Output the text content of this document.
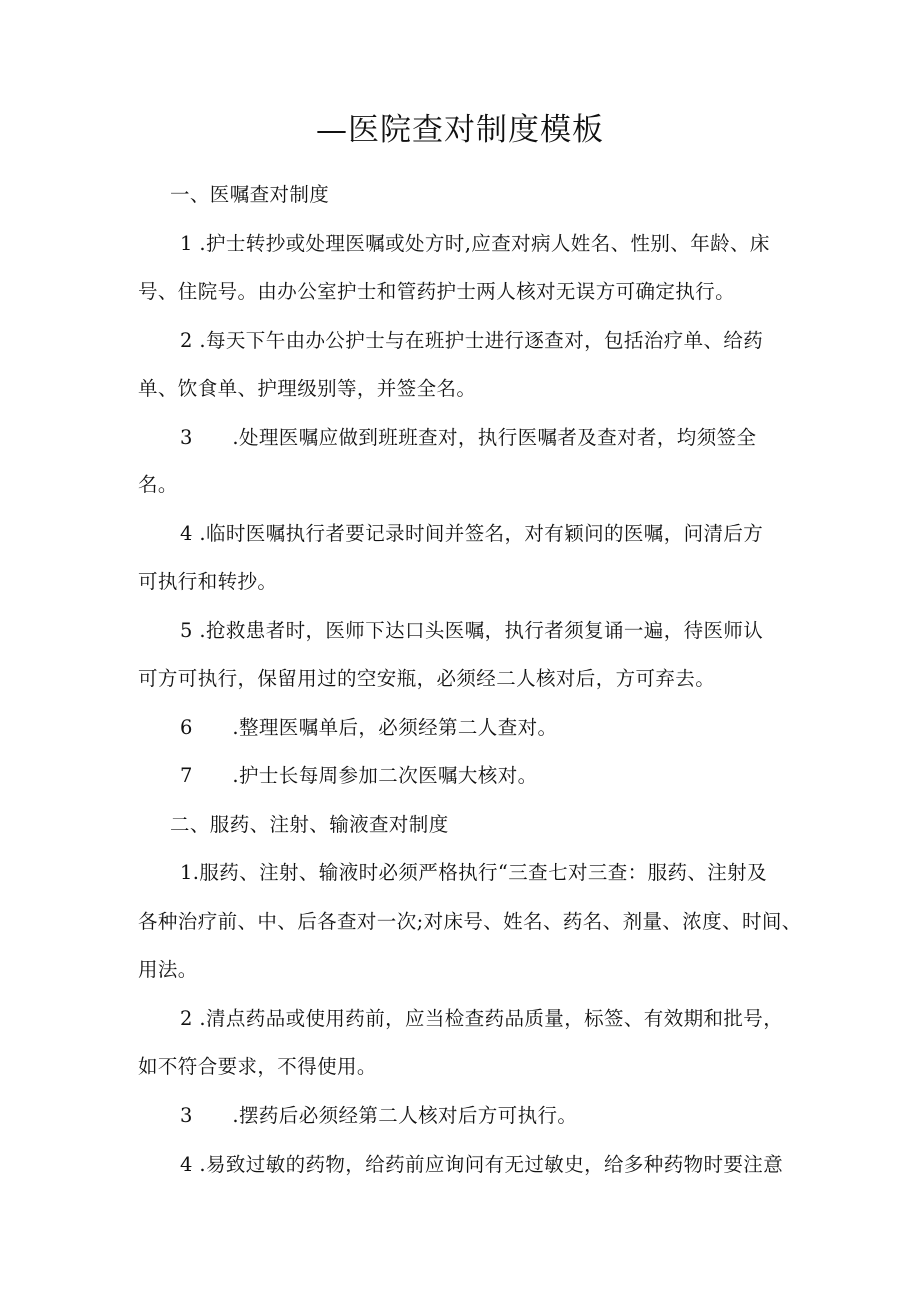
—医院查对制度模板
一、医嘱查对制度
1 .护士转抄或处理医嘱或处方时,应查对病人姓名、性别、年龄、床
号、住院号。由办公室护士和管药护士两人核对无误方可确定执行。
2 .每天下午由办公护士与在班护士进行逐查对，包括治疗单、给药
单、饮食单、护理级别等，并签全名。
3      .处理医嘱应做到班班查对，执行医嘱者及查对者，均须签全
名。
4 .临时医嘱执行者要记录时间并签名，对有颖问的医嘱，问清后方
可执行和转抄。
5 .抢救患者时，医师下达口头医嘱，执行者须复诵一遍，待医师认
可方可执行，保留用过的空安瓶，必须经二人核对后，方可弃去。
6      .整理医嘱单后，必须经第二人查对。
7      .护士长每周参加二次医嘱大核对。
二、服药、注射、输液查对制度
1.服药、注射、输液时必须严格执行“三查七对三查：服药、注射及
各种治疗前、中、后各查对一次;对床号、姓名、药名、剂量、浓度、时间、
用法。
2 .清点药品或使用药前，应当检查药品质量，标签、有效期和批号，
如不符合要求，不得使用。
3      .摆药后必须经第二人核对后方可执行。
4 .易致过敏的药物，给药前应询问有无过敏史，给多种药物时要注意
